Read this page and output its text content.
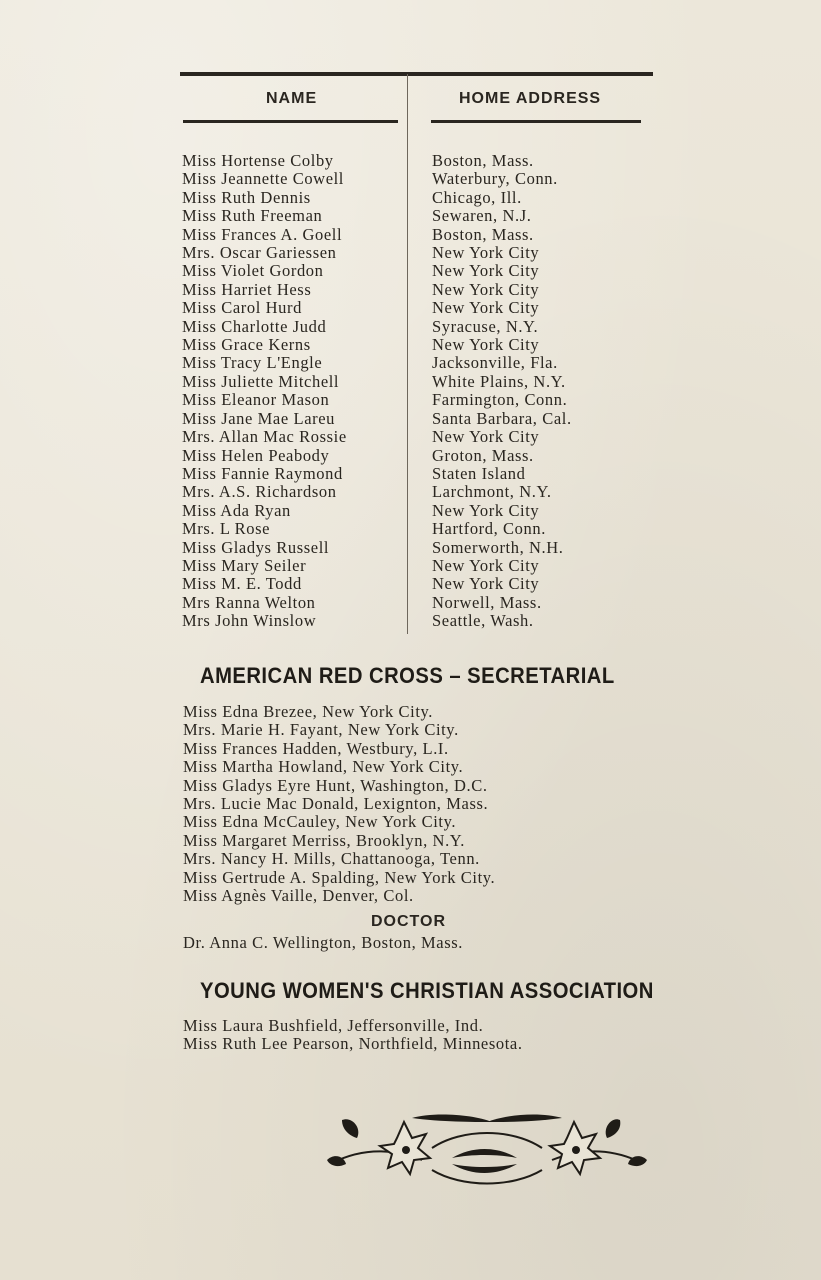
NAME	HOME ADDRESS
Miss Hortense Colby
Miss Jeannette Cowell
Miss Ruth Dennis
Miss Ruth Freeman
Miss Frances A. Goell
Mrs. Oscar Gariessen
Miss Violet Gordon
Miss Harriet Hess
Miss Carol Hurd
Miss Charlotte Judd
Miss Grace Kerns
Miss Tracy L'Engle
Miss Juliette Mitchell
Miss Eleanor Mason
Miss Jane Mae Lareu
Mrs. Allan Mac Rossie
Miss Helen Peabody
Miss Fannie Raymond
Mrs. A.S. Richardson
Miss Ada Ryan
Mrs. L Rose
Miss Gladys Russell
Miss Mary Seiler
Miss M. E. Todd
Mrs Ranna Welton
Mrs John Winslow
Boston, Mass.
Waterbury, Conn.
Chicago, Ill.
Sewaren, N.J.
Boston, Mass.
New York City
New York City
New York City
New York City
Syracuse, N.Y.
New York City
Jacksonville, Fla.
White Plains, N.Y.
Farmington, Conn.
Santa Barbara, Cal.
New York City
Groton, Mass.
Staten Island
Larchmont, N.Y.
New York City
Hartford, Conn.
Somerworth, N.H.
New York City
New York City
Norwell, Mass.
Seattle, Wash.
AMERICAN RED CROSS – SECRETARIAL
Miss Edna Brezee, New York City.
Mrs. Marie H. Fayant, New York City.
Miss Frances Hadden, Westbury, L.I.
Miss Martha Howland, New York City.
Miss Gladys Eyre Hunt, Washington, D.C.
Mrs. Lucie Mac Donald, Lexignton, Mass.
Miss Edna McCauley, New York City.
Miss Margaret Merriss, Brooklyn, N.Y.
Mrs. Nancy H. Mills, Chattanooga, Tenn.
Miss Gertrude A. Spalding, New York City.
Miss Agnès Vaille, Denver, Col.
DOCTOR
Dr. Anna C. Wellington, Boston, Mass.
YOUNG WOMEN'S CHRISTIAN ASSOCIATION
Miss Laura Bushfield, Jeffersonville, Ind.
Miss Ruth Lee Pearson, Northfield, Minnesota.
